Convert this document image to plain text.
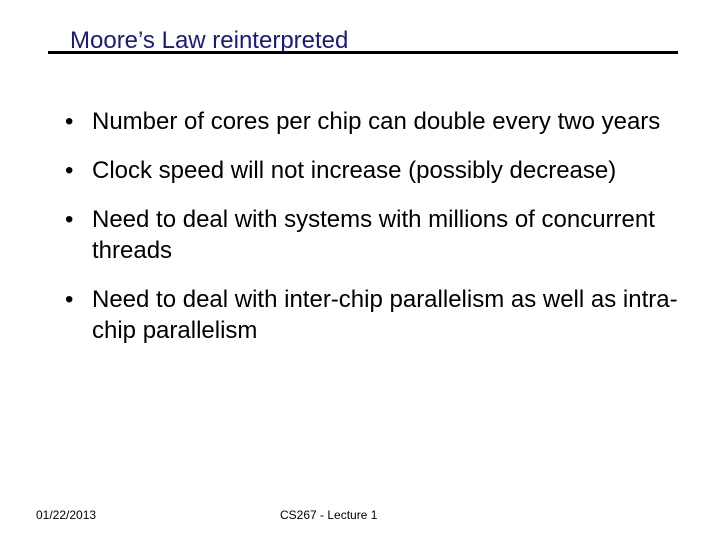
Moore’s Law reinterpreted
• Number of cores per chip can double every two years
• Clock speed will not increase (possibly decrease)
• Need to deal with systems with millions of concurrent threads
• Need to deal with inter-chip parallelism as well as intra-chip parallelism
01/22/2013	CS267 - Lecture 1
